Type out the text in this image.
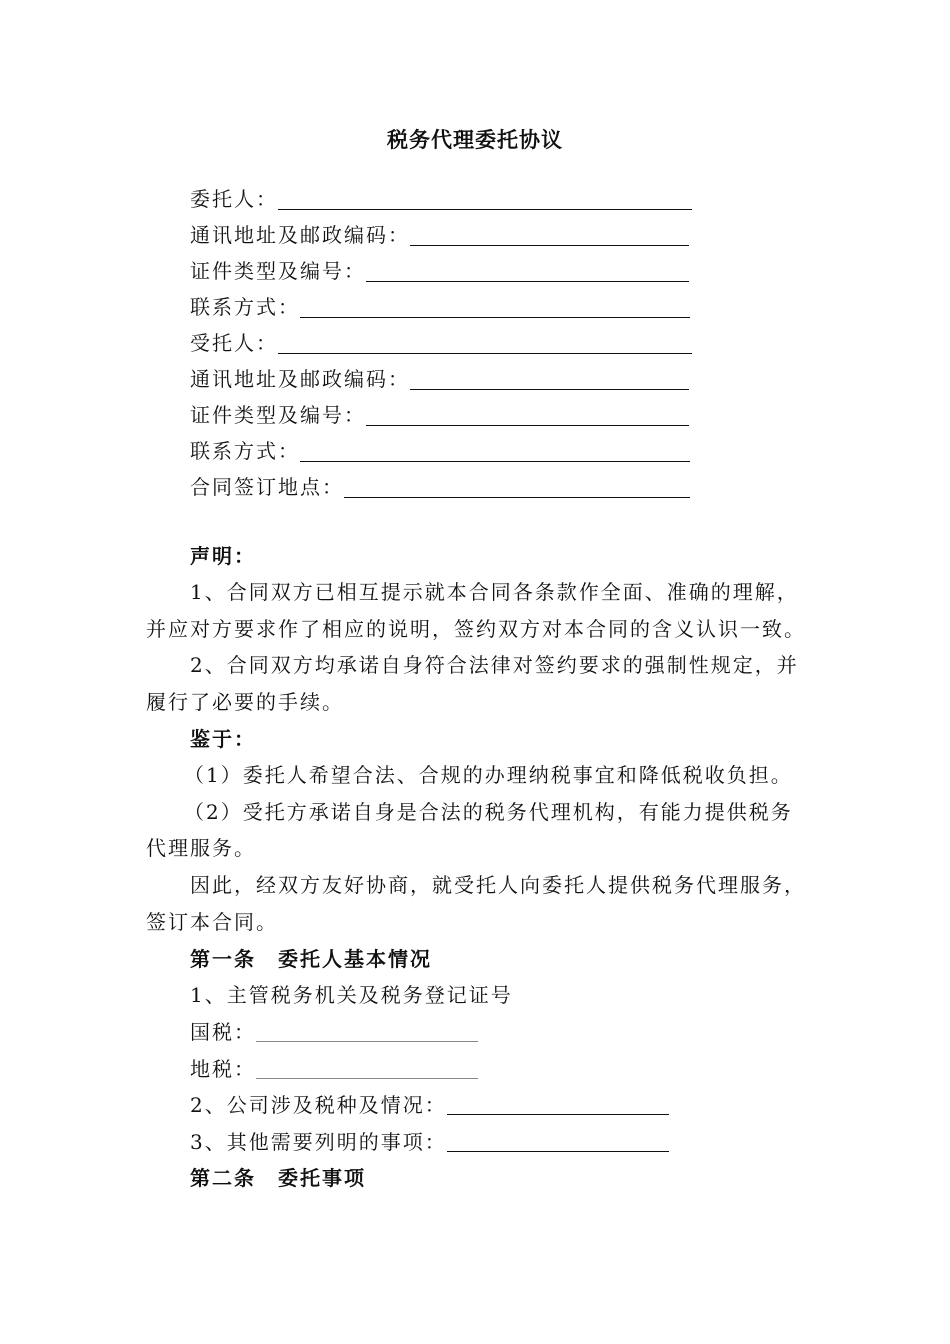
税务代理委托协议
委托人：
通讯地址及邮政编码：
证件类型及编号：
联系方式：
受托人：
通讯地址及邮政编码：
证件类型及编号：
联系方式：
合同签订地点：
声明：
1、合同双方已相互提示就本合同各条款作全面、准确的理解，
并应对方要求作了相应的说明，签约双方对本合同的含义认识一致。
2、合同双方均承诺自身符合法律对签约要求的强制性规定，并
履行了必要的手续。
鉴于：
（1）委托人希望合法、合规的办理纳税事宜和降低税收负担。
（2）受托方承诺自身是合法的税务代理机构，有能力提供税务
代理服务。
因此，经双方友好协商，就受托人向委托人提供税务代理服务，
签订本合同。
第一条　委托人基本情况
1、主管税务机关及税务登记证号
国税：
地税：
2、公司涉及税种及情况：
3、其他需要列明的事项：
第二条　委托事项
